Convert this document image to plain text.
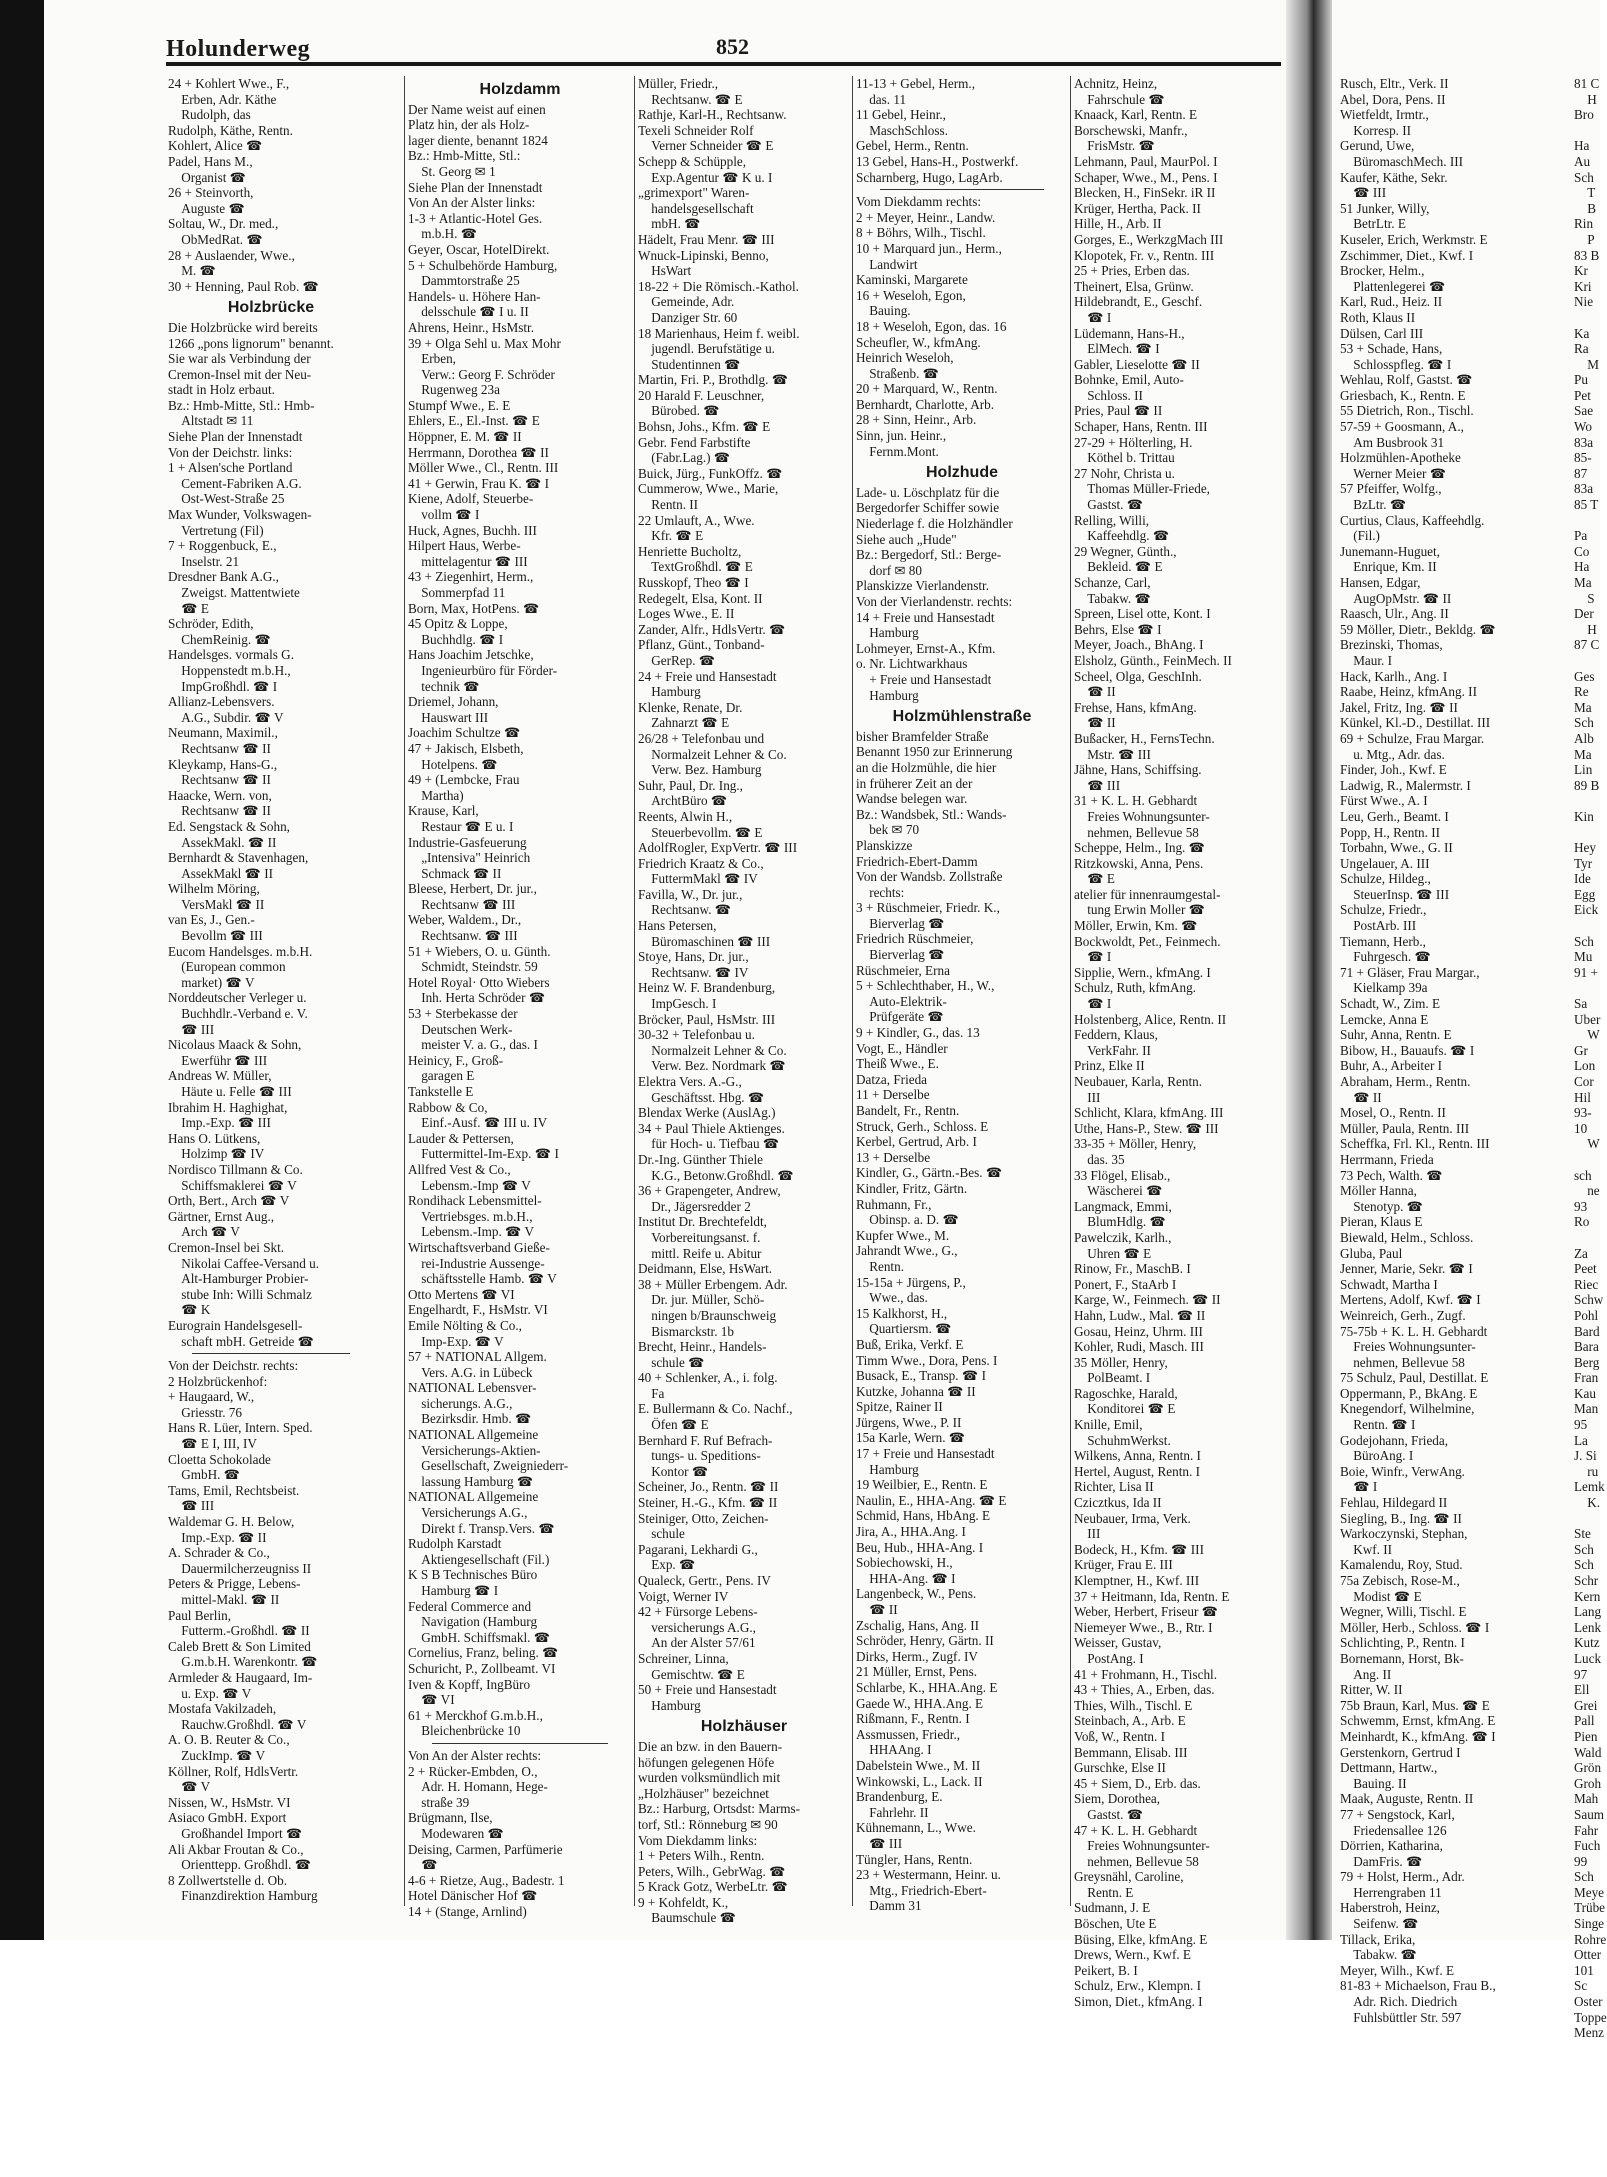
Holunderweg	852
24 + Kohlert Wwe., F.,
Erben, Adr. Käthe
Rudolph, das
Rudolph, Käthe, Rentn.
Kohlert, Alice ☎
Padel, Hans M.,
Organist ☎
26 + Steinvorth,
Auguste ☎
Soltau, W., Dr. med.,
ObMedRat. ☎
28 + Auslaender, Wwe.,
M. ☎
30 + Henning, Paul Rob. ☎
Holzbrücke
Die Holzbrücke wird bereits
1266 „pons lignorum" benannt.
Sie war als Verbindung der
Cremon-Insel mit der Neu-
stadt in Holz erbaut.
Bz.: Hmb-Mitte, Stl.: Hmb-
Altstadt ✉ 11
Siehe Plan der Innenstadt
Von der Deichstr. links:
1 + Alsen'sche Portland
Cement-Fabriken A.G.
Ost-West-Straße 25
Max Wunder, Volkswagen-
Vertretung (Fil)
7 + Roggenbuck, E.,
Inselstr. 21
Dresdner Bank A.G.,
Zweigst. Mattentwiete
☎ E
Schröder, Edith,
ChemReinig. ☎
Handelsges. vormals G.
Hoppenstedt m.b.H.,
ImpGroßhdl. ☎ I
Allianz-Lebensvers.
A.G., Subdir. ☎ V
Neumann, Maximil.,
Rechtsanw ☎ II
Kleykamp, Hans-G.,
Rechtsanw ☎ II
Haacke, Wern. von,
Rechtsanw ☎ II
Ed. Sengstack & Sohn,
AssekMakl. ☎ II
Bernhardt & Stavenhagen,
AssekMakl ☎ II
Wilhelm Möring,
VersMakl ☎ II
van Es, J., Gen.-
Bevollm ☎ III
Eucom Handelsges. m.b.H.
(European common
market) ☎ V
Norddeutscher Verleger u.
Buchhdlr.-Verband e. V.
☎ III
Nicolaus Maack & Sohn,
Ewerführ ☎ III
Andreas W. Müller,
Häute u. Felle ☎ III
Ibrahim H. Haghighat,
Imp.-Exp. ☎ III
Hans O. Lütkens,
Holzimp ☎ IV
Nordisco Tillmann & Co.
Schiffsmaklerei ☎ V
Orth, Bert., Arch ☎ V
Gärtner, Ernst Aug.,
Arch ☎ V
Cremon-Insel bei Skt.
Nikolai Caffee-Versand u.
Alt-Hamburger Probier-
stube Inh: Willi Schmalz
☎ K
Eurograin Handelsgesell-
schaft mbH. Getreide ☎
Von der Deichstr. rechts:
2 Holzbrückenhof:
+ Haugaard, W.,
Griesstr. 76
Hans R. Lüer, Intern. Sped.
☎ E I, III, IV
Cloetta Schokolade
GmbH. ☎
Tams, Emil, Rechtsbeist.
☎ III
Waldemar G. H. Below,
Imp.-Exp. ☎ II
A. Schrader & Co.,
Dauermilcherzeugniss II
Peters & Prigge, Lebens-
mittel-Makl. ☎ II
Paul Berlin,
Futterm.-Großhdl. ☎ II
Caleb Brett & Son Limited
G.m.b.H. Warenkontr. ☎
Armleder & Haugaard, Im-
u. Exp. ☎ V
Mostafa Vakilzadeh,
Rauchw.Großhdl. ☎ V
A. O. B. Reuter & Co.,
ZuckImp. ☎ V
Köllner, Rolf, HdlsVertr.
☎ V
Nissen, W., HsMstr. VI
Asiaco GmbH. Export
Großhandel Import ☎
Ali Akbar Froutan & Co.,
Orienttepp. Großhdl. ☎
8 Zollwertstelle d. Ob.
Finanzdirektion Hamburg
Holzdamm
Der Name weist auf einen
Platz hin, der als Holz-
lager diente, benannt 1824
Bz.: Hmb-Mitte, Stl.:
St. Georg ✉ 1
Siehe Plan der Innenstadt
Von An der Alster links:
1-3 + Atlantic-Hotel Ges.
m.b.H. ☎
Geyer, Oscar, HotelDirekt.
5 + Schulbehörde Hamburg,
Dammtorstraße 25
Handels- u. Höhere Han-
delsschule ☎ I u. II
Ahrens, Heinr., HsMstr.
39 + Olga Sehl u. Max Mohr
Erben,
Verw.: Georg F. Schröder
Rugenweg 23a
Stumpf Wwe., E. E
Ehlers, E., El.-Inst. ☎ E
Höppner, E. M. ☎ II
Herrmann, Dorothea ☎ II
Möller Wwe., Cl., Rentn. III
41 + Gerwin, Frau K. ☎ I
Kiene, Adolf, Steuerbe-
vollm ☎ I
Huck, Agnes, Buchh. III
Hilpert Haus, Werbe-
mittelagentur ☎ III
43 + Ziegenhirt, Herm.,
Sommerpfad 11
Born, Max, HotPens. ☎
45 Opitz & Loppe,
Buchhdlg. ☎ I
Hans Joachim Jetschke,
Ingenieurbüro für Förder-
technik ☎
Driemel, Johann,
Hauswart III
Joachim Schultze ☎
47 + Jakisch, Elsbeth,
Hotelpens. ☎
49 + (Lembcke, Frau
Martha)
Krause, Karl,
Restaur ☎ E u. I
Industrie-Gasfeuerung
„Intensiva" Heinrich
Schmack ☎ II
Bleese, Herbert, Dr. jur.,
Rechtsanw ☎ III
Weber, Waldem., Dr.,
Rechtsanw. ☎ III
51 + Wiebers, O. u. Günth.
Schmidt, Steindstr. 59
Hotel Royal· Otto Wiebers
Inh. Herta Schröder ☎
53 + Sterbekasse der
Deutschen Werk-
meister V. a. G., das. I
Heinicy, F., Groß-
garagen E
Tankstelle E
Rabbow & Co,
Einf.-Ausf. ☎ III u. IV
Lauder & Pettersen,
Futtermittel-Im-Exp. ☎ I
Allfred Vest & Co.,
Lebensm.-Imp ☎ V
Rondihack Lebensmittel-
Vertriebsges. m.b.H.,
Lebensm.-Imp. ☎ V
Wirtschaftsverband Gieße-
rei-Industrie Aussenge-
schäftsstelle Hamb. ☎ V
Otto Mertens ☎ VI
Engelhardt, F., HsMstr. VI
Emile Nölting & Co.,
Imp-Exp. ☎ V
57 + NATIONAL Allgem.
Vers. A.G. in Lübeck
NATIONAL Lebensver-
sicherungs. A.G.,
Bezirksdir. Hmb. ☎
NATIONAL Allgemeine
Versicherungs-Aktien-
Gesellschaft, Zweigniederr-
lassung Hamburg ☎
NATIONAL Allgemeine
Versicherungs A.G.,
Direkt f. Transp.Vers. ☎
Rudolph Karstadt
Aktiengesellschaft (Fil.)
K S B Technisches Büro
Hamburg ☎ I
Federal Commerce and
Navigation (Hamburg
GmbH. Schiffsmakl. ☎
Cornelius, Franz, beling. ☎
Schuricht, P., Zollbeamt. VI
Iven & Kopff, IngBüro
☎ VI
61 + Merckhof G.m.b.H.,
Bleichenbrücke 10
Von An der Alster rechts:
2 + Rücker-Embden, O.,
Adr. H. Homann, Hege-
straße 39
Brügmann, Ilse,
Modewaren ☎
Deising, Carmen, Parfümerie
☎
4-6 + Rietze, Aug., Badestr. 1
Hotel Dänischer Hof ☎
14 + (Stange, Arnlind)
Müller, Friedr.,
Rechtsanw. ☎ E
Rathje, Karl-H., Rechtsanw.
Texeli Schneider Rolf
Verner Schneider ☎ E
Schepp & Schüpple,
Exp.Agentur ☎ K u. I
„grimexport" Waren-
handelsgesellschaft
mbH. ☎
Hädelt, Frau Menr. ☎ III
Wnuck-Lipinski, Benno,
HsWart
18-22 + Die Römisch.-Kathol.
Gemeinde, Adr.
Danziger Str. 60
18 Marienhaus, Heim f. weibl.
jugendl. Berufstätige u.
Studentinnen ☎
Martin, Fri. P., Brothdlg. ☎
20 Harald F. Leuschner,
Bürobed. ☎
Bohsn, Johs., Kfm. ☎ E
Gebr. Fend Farbstifte
(Fabr.Lag.) ☎
Buick, Jürg., FunkOffz. ☎
Cummerow, Wwe., Marie,
Rentn. II
22 Umlauft, A., Wwe.
Kfr. ☎ E
Henriette Bucholtz,
TextGroßhdl. ☎ E
Russkopf, Theo ☎ I
Redegelt, Elsa, Kont. II
Loges Wwe., E. II
Zander, Alfr., HdlsVertr. ☎
Pflanz, Günt., Tonband-
GerRep. ☎
24 + Freie und Hansestadt
Hamburg
Klenke, Renate, Dr.
Zahnarzt ☎ E
26/28 + Telefonbau und
Normalzeit Lehner & Co.
Verw. Bez. Hamburg
Suhr, Paul, Dr. Ing.,
ArchtBüro ☎
Reents, Alwin H.,
Steuerbevollm. ☎ E
AdolfRogler, ExpVertr. ☎ III
Friedrich Kraatz & Co.,
FuttermMakl ☎ IV
Favilla, W., Dr. jur.,
Rechtsanw. ☎
Hans Petersen,
Büromaschinen ☎ III
Stoye, Hans, Dr. jur.,
Rechtsanw. ☎ IV
Heinz W. F. Brandenburg,
ImpGesch. I
Bröcker, Paul, HsMstr. III
30-32 + Telefonbau u.
Normalzeit Lehner & Co.
Verw. Bez. Nordmark ☎
Elektra Vers. A.-G.,
Geschäftsst. Hbg. ☎
Blendax Werke (AuslAg.)
34 + Paul Thiele Aktienges.
für Hoch- u. Tiefbau ☎
Dr.-Ing. Günther Thiele
K.G., Betonw.Großhdl. ☎
36 + Grapengeter, Andrew,
Dr., Jägersredder 2
Institut Dr. Brechtefeldt,
Vorbereitungsanst. f.
mittl. Reife u. Abitur
Deidmann, Else, HsWart.
38 + Müller Erbengem. Adr.
Dr. jur. Müller, Schö-
ningen b/Braunschweig
Bismarckstr. 1b
Brecht, Heinr., Handels-
schule ☎
40 + Schlenker, A., i. folg.
Fa
E. Bullermann & Co. Nachf.,
Öfen ☎ E
Bernhard F. Ruf Befrach-
tungs- u. Speditions-
Kontor ☎
Scheiner, Jo., Rentn. ☎ II
Steiner, H.-G., Kfm. ☎ II
Steiniger, Otto, Zeichen-
schule
Pagarani, Lekhardi G.,
Exp. ☎
Qualeck, Gertr., Pens. IV
Voigt, Werner IV
42 + Fürsorge Lebens-
versicherungs A.G.,
An der Alster 57/61
Schreiner, Linna,
Gemischtw. ☎ E
50 + Freie und Hansestadt
Hamburg
Holzhäuser
Die an bzw. in den Bauern-
höfungen gelegenen Höfe
wurden volksmündlich mit
„Holzhäuser" bezeichnet
Bz.: Harburg, Ortsdst: Marms-
torf, Stl.: Rönneburg ✉ 90
Vom Diekdamm links:
1 + Peters Wilh., Rentn.
Peters, Wilh., GebrWag. ☎
5 Krack Gotz, WerbeLtr. ☎
9 + Kohfeldt, K.,
Baumschule ☎
11-13 + Gebel, Herm.,
das. 11
11 Gebel, Heinr.,
MaschSchloss.
Gebel, Herm., Rentn.
13 Gebel, Hans-H., Postwerkf.
Scharnberg, Hugo, LagArb.
Vom Diekdamm rechts:
2 + Meyer, Heinr., Landw.
8 + Böhrs, Wilh., Tischl.
10 + Marquard jun., Herm.,
Landwirt
Kaminski, Margarete
16 + Weseloh, Egon,
Bauing.
18 + Weseloh, Egon, das. 16
Scheufler, W., kfmAng.
Heinrich Weseloh,
Straßenb. ☎
20 + Marquard, W., Rentn.
Bernhardt, Charlotte, Arb.
28 + Sinn, Heinr., Arb.
Sinn, jun. Heinr.,
Fernm.Mont.
Holzhude
Lade- u. Löschplatz für die
Bergedorfer Schiffer sowie
Niederlage f. die Holzhändler
Siehe auch „Hude"
Bz.: Bergedorf, Stl.: Berge-
dorf ✉ 80
Planskizze Vierlandenstr.
Von der Vierlandenstr. rechts:
14 + Freie und Hansestadt
Hamburg
Lohmeyer, Ernst-A., Kfm.
o. Nr. Lichtwarkhaus
+ Freie und Hansestadt
Hamburg
Holzmühlenstraße
bisher Bramfelder Straße
Benannt 1950 zur Erinnerung
an die Holzmühle, die hier
in früherer Zeit an der
Wandse belegen war.
Bz.: Wandsbek, Stl.: Wands-
bek ✉ 70
Planskizze
Friedrich-Ebert-Damm
Von der Wandsb. Zollstraße
rechts:
3 + Rüschmeier, Friedr. K.,
Bierverlag ☎
Friedrich Rüschmeier,
Bierverlag ☎
Rüschmeier, Erna
5 + Schlechthaber, H., W.,
Auto-Elektrik-
Prüfgeräte ☎
9 + Kindler, G., das. 13
Vogt, E., Händler
Theiß Wwe., E.
Datza, Frieda
11 + Derselbe
Bandelt, Fr., Rentn.
Struck, Gerh., Schloss. E
Kerbel, Gertrud, Arb. I
13 + Derselbe
Kindler, G., Gärtn.-Bes. ☎
Kindler, Fritz, Gärtn.
Ruhmann, Fr.,
Obinsp. a. D. ☎
Kupfer Wwe., M.
Jahrandt Wwe., G.,
Rentn.
15-15a + Jürgens, P.,
Wwe., das.
15 Kalkhorst, H.,
Quartiersm. ☎
Buß, Erika, Verkf. E
Timm Wwe., Dora, Pens. I
Busack, E., Transp. ☎ I
Kutzke, Johanna ☎ II
Spitze, Rainer II
Jürgens, Wwe., P. II
15a Karle, Wern. ☎
17 + Freie und Hansestadt
Hamburg
19 Weilbier, E., Rentn. E
Naulin, E., HHA-Ang. ☎ E
Schmid, Hans, HbAng. E
Jira, A., HHA.Ang. I
Beu, Hub., HHA-Ang. I
Sobiechowski, H.,
HHA-Ang. ☎ I
Langenbeck, W., Pens.
☎ II
Zschalig, Hans, Ang. II
Schröder, Henry, Gärtn. II
Dirks, Herm., Zugf. IV
21 Müller, Ernst, Pens.
Schlarbe, K., HHA.Ang. E
Gaede W., HHA.Ang. E
Rißmann, F., Rentn. I
Assmussen, Friedr.,
HHAAng. I
Dabelstein Wwe., M. II
Winkowski, L., Lack. II
Brandenburg, E.
Fahrlehr. II
Kühnemann, L., Wwe.
☎ III
Tüngler, Hans, Rentn.
23 + Westermann, Heinr. u.
Mtg., Friedrich-Ebert-
Damm 31
Achnitz, Heinz,
Fahrschule ☎
Knaack, Karl, Rentn. E
Borschewski, Manfr.,
FrisMstr. ☎
Lehmann, Paul, MaurPol. I
Schaper, Wwe., M., Pens. I
Blecken, H., FinSekr. iR II
Krüger, Hertha, Pack. II
Hille, H., Arb. II
Gorges, E., WerkzgMach III
Klopotek, Fr. v., Rentn. III
25 + Pries, Erben das.
Theinert, Elsa, Grünw.
Hildebrandt, E., Geschf.
☎ I
Lüdemann, Hans-H.,
ElMech. ☎ I
Gabler, Lieselotte ☎ II
Bohnke, Emil, Auto-
Schloss. II
Pries, Paul ☎ II
Schaper, Hans, Rentn. III
27-29 + Hölterling, H.
Köthel b. Trittau
27 Nohr, Christa u.
Thomas Müller-Friede,
Gastst. ☎
Relling, Willi,
Kaffeehdlg. ☎
29 Wegner, Günth.,
Bekleid. ☎ E
Schanze, Carl,
Tabakw. ☎
Spreen, Lisel otte, Kont. I
Behrs, Else ☎ I
Meyer, Joach., BhAng. I
Elsholz, Günth., FeinMech. II
Scheel, Olga, GeschInh.
☎ II
Frehse, Hans, kfmAng.
☎ II
Bußacker, H., FernsTechn.
Mstr. ☎ III
Jähne, Hans, Schiffsing.
☎ III
31 + K. L. H. Gebhardt
Freies Wohnungsunter-
nehmen, Bellevue 58
Scheppe, Helm., Ing. ☎
Ritzkowski, Anna, Pens.
☎ E
atelier für innenraumgestal-
tung Erwin Moller ☎
Möller, Erwin, Km. ☎
Bockwoldt, Pet., Feinmech.
☎ I
Sipplie, Wern., kfmAng. I
Schulz, Ruth, kfmAng.
☎ I
Holstenberg, Alice, Rentn. II
Feddern, Klaus,
VerkFahr. II
Prinz, Elke II
Neubauer, Karla, Rentn.
III
Schlicht, Klara, kfmAng. III
Uthe, Hans-P., Stew. ☎ III
33-35 + Möller, Henry,
das. 35
33 Flögel, Elisab.,
Wäscherei ☎
Langmack, Emmi,
BlumHdlg. ☎
Pawelczik, Karlh.,
Uhren ☎ E
Rinow, Fr., MaschB. I
Ponert, F., StaArb I
Karge, W., Feinmech. ☎ II
Hahn, Ludw., Mal. ☎ II
Gosau, Heinz, Uhrm. III
Kohler, Rudi, Masch. III
35 Möller, Henry,
PolBeamt. I
Ragoschke, Harald,
Konditorei ☎ E
Knille, Emil,
SchuhmWerkst.
Wilkens, Anna, Rentn. I
Hertel, August, Rentn. I
Richter, Lisa II
Czicztkus, Ida II
Neubauer, Irma, Verk.
III
Bodeck, H., Kfm. ☎ III
Krüger, Frau E. III
Klemptner, H., Kwf. III
37 + Heitmann, Ida, Rentn. E
Weber, Herbert, Friseur ☎
Niemeyer Wwe., B., Rtr. I
Weisser, Gustav,
PostAng. I
41 + Frohmann, H., Tischl.
43 + Thies, A., Erben, das.
Thies, Wilh., Tischl. E
Steinbach, A., Arb. E
Voß, W., Rentn. I
Bemmann, Elisab. III
Gurschke, Else II
45 + Siem, D., Erb. das.
Siem, Dorothea,
Gastst. ☎
47 + K. L. H. Gebhardt
Freies Wohnungsunter-
nehmen, Bellevue 58
Greysnähl, Caroline,
Rentn. E
Sudmann, J. E
Böschen, Ute E
Büsing, Elke, kfmAng. E
Drews, Wern., Kwf. E
Peikert, B. I
Schulz, Erw., Klempn. I
Simon, Diet., kfmAng. I
Rusch, Eltr., Verk. II
Abel, Dora, Pens. II
Wietfeldt, Irmtr.,
Korresp. II
Gerund, Uwe,
BüromaschMech. III
Kaufer, Käthe, Sekr.
☎ III
51 Junker, Willy,
BetrLtr. E
Kuseler, Erich, Werkmstr. E
Zschimmer, Diet., Kwf. I
Brocker, Helm.,
Plattenlegerei ☎
Karl, Rud., Heiz. II
Roth, Klaus II
Dülsen, Carl III
53 + Schade, Hans,
Schlosspfleg. ☎ I
Wehlau, Rolf, Gastst. ☎
Griesbach, K., Rentn. E
55 Dietrich, Ron., Tischl.
57-59 + Goosmann, A.,
Am Busbrook 31
Holzmühlen-Apotheke
Werner Meier ☎
57 Pfeiffer, Wolfg.,
BzLtr. ☎
Curtius, Claus, Kaffeehdlg.
(Fil.)
Junemann-Huguet,
Enrique, Km. II
Hansen, Edgar,
AugOpMstr. ☎ II
Raasch, Ulr., Ang. II
59 Möller, Dietr., Bekldg. ☎
Brezinski, Thomas,
Maur. I
Hack, Karlh., Ang. I
Raabe, Heinz, kfmAng. II
Jakel, Fritz, Ing. ☎ II
Künkel, Kl.-D., Destillat. III
69 + Schulze, Frau Margar.
u. Mtg., Adr. das.
Finder, Joh., Kwf. E
Ladwig, R., Malermstr. I
Fürst Wwe., A. I
Leu, Gerh., Beamt. I
Popp, H., Rentn. II
Torbahn, Wwe., G. II
Ungelauer, A. III
Schulze, Hildeg.,
SteuerInsp. ☎ III
Schulze, Friedr.,
PostArb. III
Tiemann, Herb.,
Fuhrgesch. ☎
71 + Gläser, Frau Margar.,
Kielkamp 39a
Schadt, W., Zim. E
Lemcke, Anna E
Suhr, Anna, Rentn. E
Bibow, H., Bauaufs. ☎ I
Buhr, A., Arbeiter I
Abraham, Herm., Rentn.
☎ II
Mosel, O., Rentn. II
Müller, Paula, Rentn. III
Scheffka, Frl. Kl., Rentn. III
Herrmann, Frieda
73 Pech, Walth. ☎
Möller Hanna,
Stenotyp. ☎
Pieran, Klaus E
Biewald, Helm., Schloss.
Gluba, Paul
Jenner, Marie, Sekr. ☎ I
Schwadt, Martha I
Mertens, Adolf, Kwf. ☎ I
Weinreich, Gerh., Zugf.
75-75b + K. L. H. Gebhardt
Freies Wohnungsunter-
nehmen, Bellevue 58
75 Schulz, Paul, Destillat. E
Oppermann, P., BkAng. E
Knegendorf, Wilhelmine,
Rentn. ☎ I
Godejohann, Frieda,
BüroAng. I
Boie, Winfr., VerwAng.
☎ I
Fehlau, Hildegard II
Siegling, B., Ing. ☎ II
Warkoczynski, Stephan,
Kwf. II
Kamalendu, Roy, Stud.
75a Zebisch, Rose-M.,
Modist ☎ E
Wegner, Willi, Tischl. E
Möller, Herb., Schloss. ☎ I
Schlichting, P., Rentn. I
Bornemann, Horst, Bk-
Ang. II
Ritter, W. II
75b Braun, Karl, Mus. ☎ E
Schwemm, Ernst, kfmAng. E
Meinhardt, K., kfmAng. ☎ I
Gerstenkorn, Gertrud I
Dettmann, Hartw.,
Bauing. II
Maak, Auguste, Rentn. II
77 + Sengstock, Karl,
Friedensallee 126
Dörrien, Katharina,
DamFris. ☎
79 + Holst, Herm., Adr.
Herrengraben 11
Haberstroh, Heinz,
Seifenw. ☎
Tillack, Erika,
Tabakw. ☎
Meyer, Wilh., Kwf. E
81-83 + Michaelson, Frau B.,
Adr. Rich. Diedrich
Fuhlsbüttler Str. 597
81 C
H
Bro
Ha
Au
Sch
T
B
Rin
P
83 B
Kr
Kri
Nie
Ka
Ra
M
Pu
Pet
Sae
Wo
83a
85-87
83a
85 T
Pa
Co
Ha
Ma
S
Der
H
87 C
Ges
Re
Ma
Sch
Alb
Ma
Lin
89 B
Kin
Hey
Tyr
Ide
Egg
Eick
Sch
Mu
91 +
Sa
Uber
W
Gr
Lon
Cor
Hil
93-10
W
sch
ne
93 Ro
Za
Peet
Riec
Schw
Pohl
Bard
Bara
Berg
Fran
Kau
Man
95 La
J. Si
ru
Lemk
K.
Ste
Sch
Sch
Schr
Kern
Lang
Lenk
Kutz
Luck
97 Ell
Grei
Pall
Pien
Wald
Grön
Groh
Mah
Saum
Fahr
Fuch
99 Sch
Meye
Trübe
Singe
Rohre
Otter
101 Sc
Oster
Toppe
Menz
